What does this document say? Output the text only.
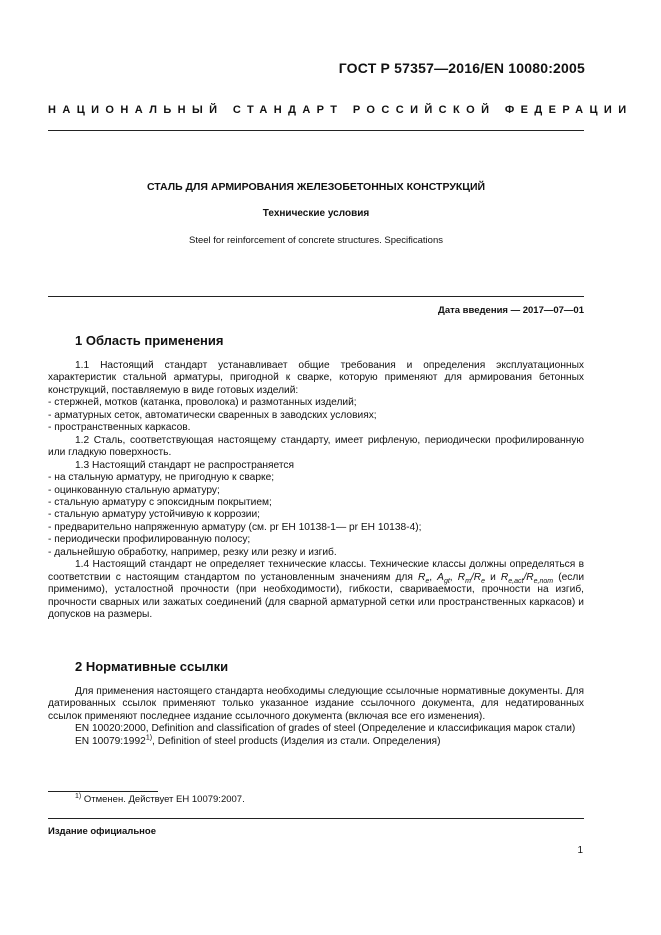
ГОСТ Р 57357—2016/EN 10080:2005
НАЦИОНАЛЬНЫЙ СТАНДАРТ РОССИЙСКОЙ ФЕДЕРАЦИИ
СТАЛЬ ДЛЯ АРМИРОВАНИЯ ЖЕЛЕЗОБЕТОННЫХ КОНСТРУКЦИЙ
Технические условия
Steel for reinforcement of concrete structures. Specifications
Дата введения — 2017—07—01
1 Область применения

1.1 Настоящий стандарт устанавливает общие требования и определения эксплуатационных характеристик стальной арматуры, пригодной к сварке, которую применяют для армирования бетонных конструкций, поставляемую в виде готовых изделий:

- стержней, мотков (катанка, проволока) и размотанных изделий;

- арматурных сеток, автоматически сваренных в заводских условиях;

- пространственных каркасов.

1.2 Сталь, соответствующая настоящему стандарту, имеет рифленую, периодически профилированную или гладкую поверхность.

1.3 Настоящий стандарт не распространяется

- на стальную арматуру, не пригодную к сварке;

- оцинкованную стальную арматуру;

- стальную арматуру с эпоксидным покрытием;

- стальную арматуру устойчивую к коррозии;

- предварительно напряженную арматуру (см. pr ЕН 10138-1— pr ЕН 10138-4);

- периодически профилированную полосу;

- дальнейшую обработку, например, резку или резку и изгиб.

1.4 Настоящий стандарт не определяет технические классы. Технические классы должны определяться в соответствии с настоящим стандартом по установленным значениям для $R_e$, $A_{gt}$, $R_m/R_e$ и $R_{e,act}/R_{e,nom}$ (если применимо), усталостной прочности (при необходимости), гибкости, свариваемости, прочности на изгиб, прочности сварных или зажатых соединений (для сварной арматурной сетки или пространственных каркасов) и допусков на размеры.

2 Нормативные ссылки

Для применения настоящего стандарта необходимы следующие ссылочные нормативные документы. Для датированных ссылок применяют только указанное издание ссылочного документа, для недатированных ссылок применяют последнее издание ссылочного документа (включая все его изменения).

EN 10020:2000, Definition and classification of grades of steel (Определение и классификация марок стали)

EN 10079:1992$^{1)}$, Definition of steel products (Изделия из стали. Определения)

$^{1)}$ Отменен. Действует ЕН 10079:2007.
Издание официальное
1
